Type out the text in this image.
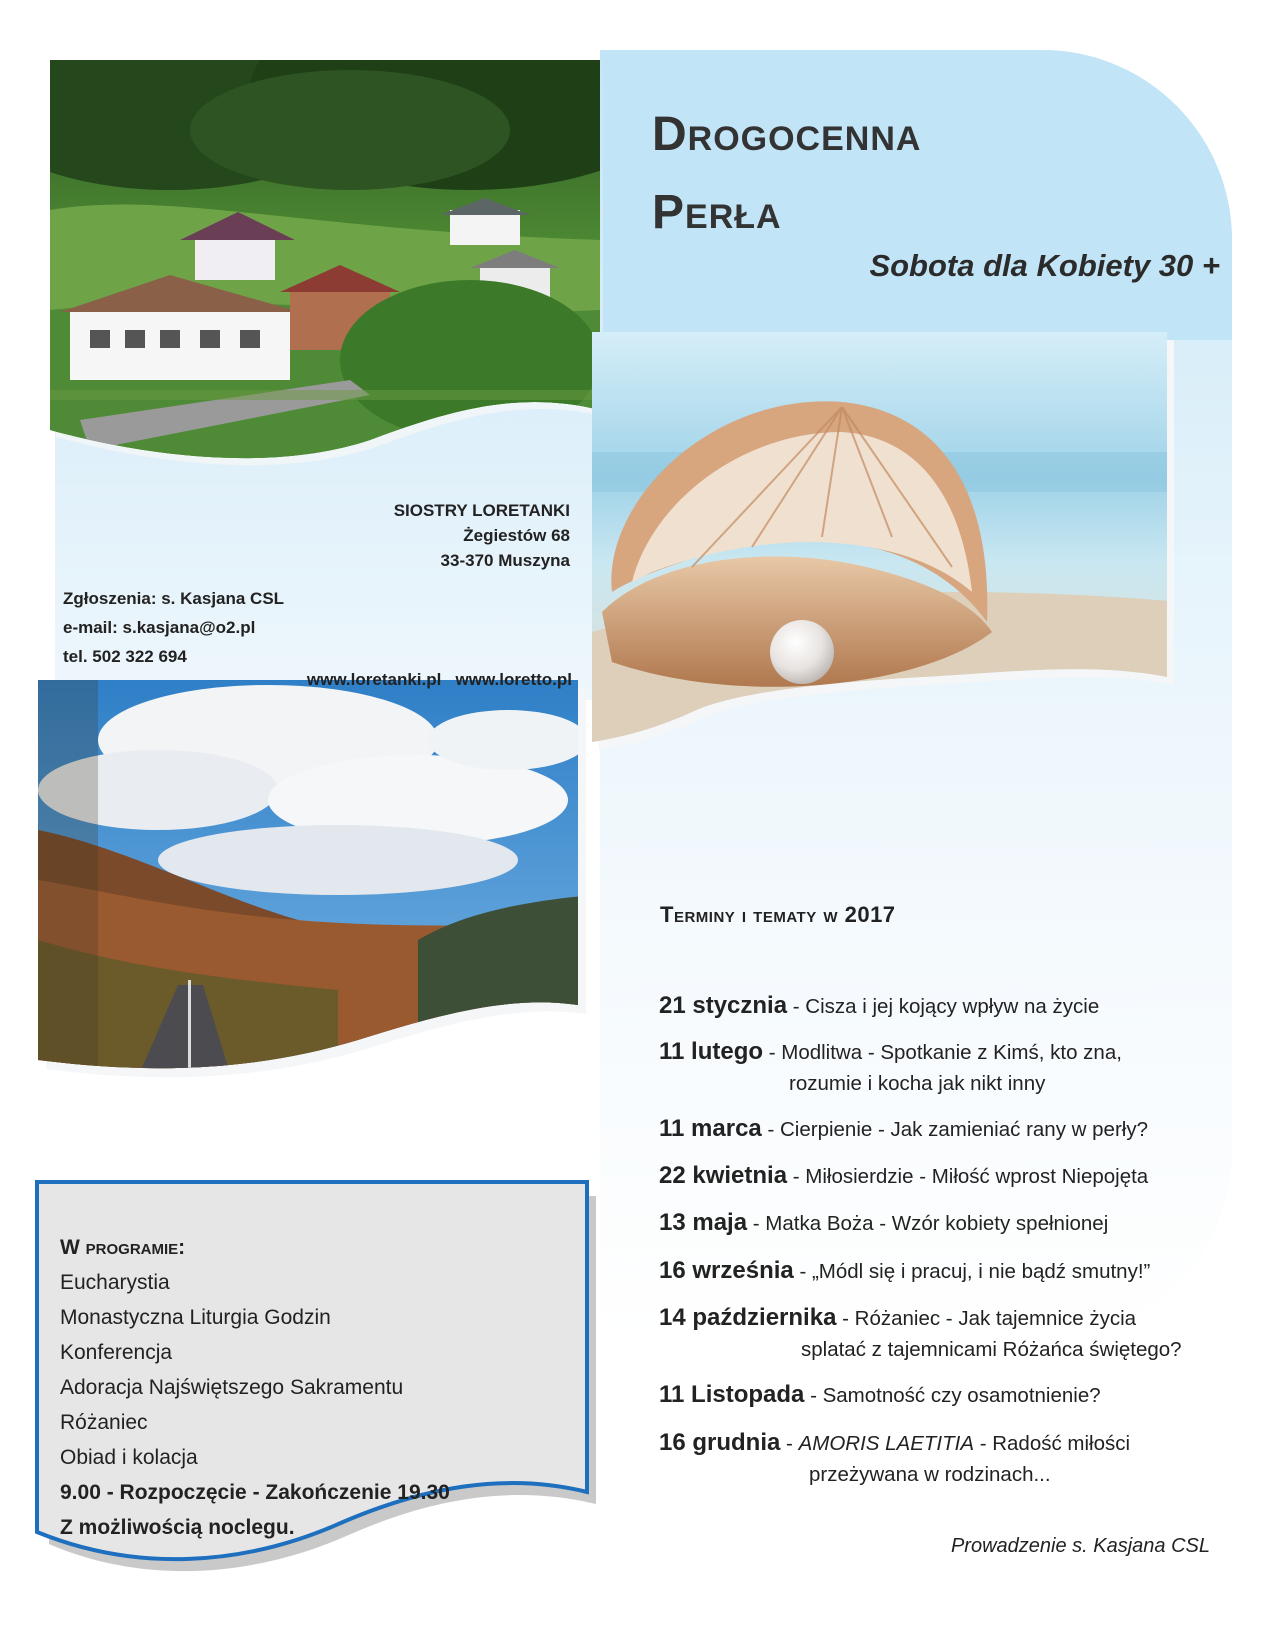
Drogocenna
Perła
Sobota dla Kobiety 30 +
SIOSTRY LORETANKI
Żegiestów 68
33-370 Muszyna
Zgłoszenia: s. Kasjana CSL
e-mail: s.kasjana@o2.pl
tel. 502 322 694
www.loretanki.pl www.loretto.pl
Terminy i tematy w 2017
21 stycznia - Cisza i jej kojący wpływ na życie
11 lutego - Modlitwa - Spotkanie z Kimś, kto zna,
rozumie i kocha jak nikt inny
11 marca - Cierpienie - Jak zamieniać rany w perły?
22 kwietnia - Miłosierdzie - Miłość wprost Niepojęta
13 maja - Matka Boża - Wzór kobiety spełnionej
16 września - „Módl się i pracuj, i nie bądź smutny!”
14 października - Różaniec - Jak tajemnice życia
splatać z tajemnicami Różańca świętego?
11 Listopada - Samotność czy osamotnienie?
16 grudnia - AMORIS LAETITIA - Radość miłości
przeżywana w rodzinach...
Prowadzenie s. Kasjana CSL
W programie:
Eucharystia
Monastyczna Liturgia Godzin
Konferencja
Adoracja Najświętszego Sakramentu
Różaniec
Obiad i kolacja
9.00 - Rozpoczęcie - Zakończenie 19.30
Z możliwością noclegu.
